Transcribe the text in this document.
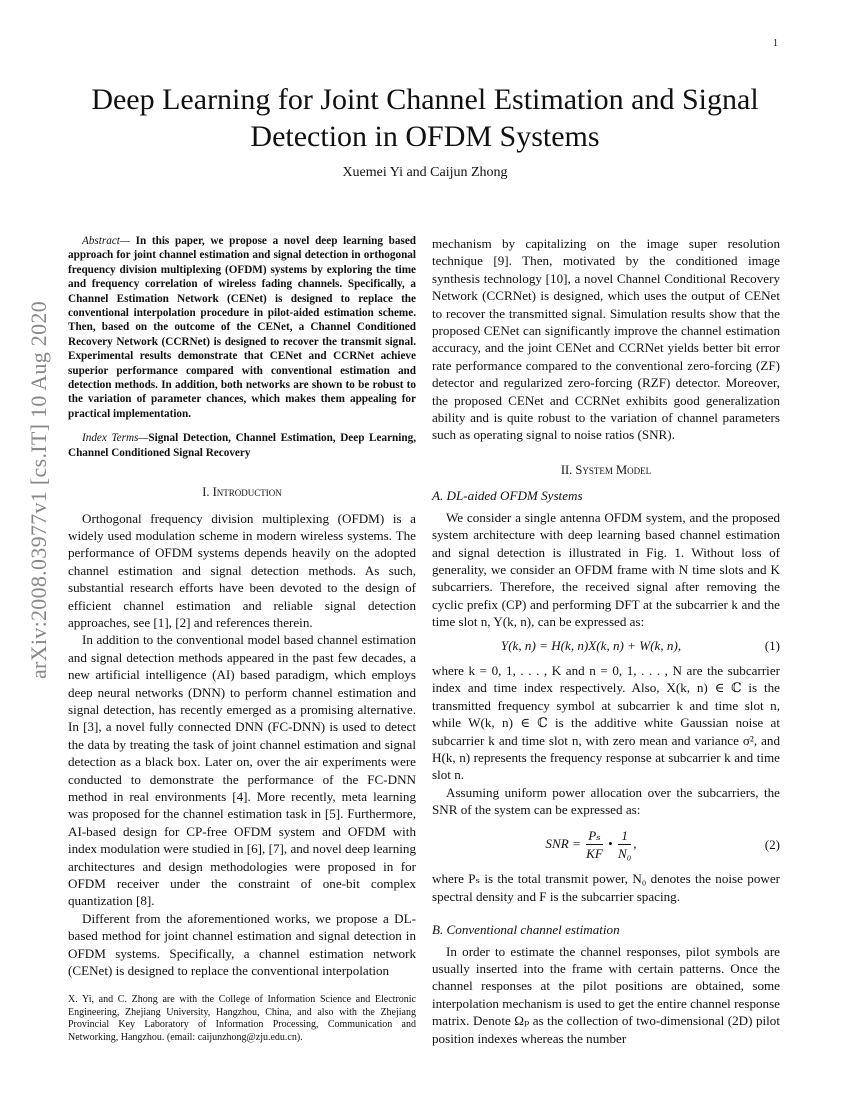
1
arXiv:2008.03977v1 [cs.IT] 10 Aug 2020
Deep Learning for Joint Channel Estimation and Signal Detection in OFDM Systems
Xuemei Yi and Caijun Zhong

Abstract— In this paper, we propose a novel deep learning based approach for joint channel estimation and signal detection in orthogonal frequency division multiplexing (OFDM) systems by exploring the time and frequency correlation of wireless fading channels. Specifically, a Channel Estimation Network (CENet) is designed to replace the conventional interpolation procedure in pilot-aided estimation scheme. Then, based on the outcome of the CENet, a Channel Conditioned Recovery Network (CCRNet) is designed to recover the transmit signal. Experimental results demonstrate that CENet and CCRNet achieve superior performance compared with conventional estimation and detection methods. In addition, both networks are shown to be robust to the variation of parameter chances, which makes them appealing for practical implementation.

Index Terms—Signal Detection, Channel Estimation, Deep Learning, Channel Conditioned Signal Recovery

I. Introduction

Orthogonal frequency division multiplexing (OFDM) is a widely used modulation scheme in modern wireless systems. The performance of OFDM systems depends heavily on the adopted channel estimation and signal detection methods. As such, substantial research efforts have been devoted to the design of efficient channel estimation and reliable signal detection approaches, see [1], [2] and references therein.

In addition to the conventional model based channel estimation and signal detection methods appeared in the past few decades, a new artificial intelligence (AI) based paradigm, which employs deep neural networks (DNN) to perform channel estimation and signal detection, has recently emerged as a promising alternative. In [3], a novel fully connected DNN (FC-DNN) is used to detect the data by treating the task of joint channel estimation and signal detection as a black box. Later on, over the air experiments were conducted to demonstrate the performance of the FC-DNN method in real environments [4]. More recently, meta learning was proposed for the channel estimation task in [5]. Furthermore, AI-based design for CP-free OFDM system and OFDM with index modulation were studied in [6], [7], and novel deep learning architectures and design methodologies were proposed in for OFDM receiver under the constraint of one-bit complex quantization [8].

Different from the aforementioned works, we propose a DL-based method for joint channel estimation and signal detection in OFDM systems. Specifically, a channel estimation network (CENet) is designed to replace the conventional interpolation

X. Yi, and C. Zhong are with the College of Information Science and Electronic Engineering, Zhejiang University, Hangzhou, China, and also with the Zhejiang Provincial Key Laboratory of Information Processing, Communication and Networking, Hangzhou. (email: caijunzhong@zju.edu.cn).

mechanism by capitalizing on the image super resolution technique [9]. Then, motivated by the conditioned image synthesis technology [10], a novel Channel Conditional Recovery Network (CCRNet) is designed, which uses the output of CENet to recover the transmitted signal. Simulation results show that the proposed CENet can significantly improve the channel estimation accuracy, and the joint CENet and CCRNet yields better bit error rate performance compared to the conventional zero-forcing (ZF) detector and regularized zero-forcing (RZF) detector. Moreover, the proposed CENet and CCRNet exhibits good generalization ability and is quite robust to the variation of channel parameters such as operating signal to noise ratios (SNR).

II. System Model
A. DL-aided OFDM Systems

We consider a single antenna OFDM system, and the proposed system architecture with deep learning based channel estimation and signal detection is illustrated in Fig. 1. Without loss of generality, we consider an OFDM frame with N time slots and K subcarriers. Therefore, the received signal after removing the cyclic prefix (CP) and performing DFT at the subcarrier k and the time slot n, Y(k, n), can be expressed as:

Y(k, n) = H(k, n)X(k, n) + W(k, n),	(1)

where k = 0, 1, . . . , K and n = 0, 1, . . . , N are the subcarrier index and time index respectively. Also, X(k, n) ∈ ℂ is the transmitted frequency symbol at subcarrier k and time slot n, while W(k, n) ∈ ℂ is the additive white Gaussian noise at subcarrier k and time slot n, with zero mean and variance σ², and H(k, n) represents the frequency response at subcarrier k and time slot n.

Assuming uniform power allocation over the subcarriers, the SNR of the system can be expressed as:

SNR = $\frac{\text{Pₛ}}{KF}$ • $\frac{1}{\text{N₀}}$ ,	(2)

where Pₛ is the total transmit power, N₀ denotes the noise power spectral density and F is the subcarrier spacing.

B. Conventional channel estimation

In order to estimate the channel responses, pilot symbols are usually inserted into the frame with certain patterns. Once the channel responses at the pilot positions are obtained, some interpolation mechanism is used to get the entire channel response matrix. Denote Ωₚ as the collection of two-dimensional (2D) pilot position indexes whereas the number
